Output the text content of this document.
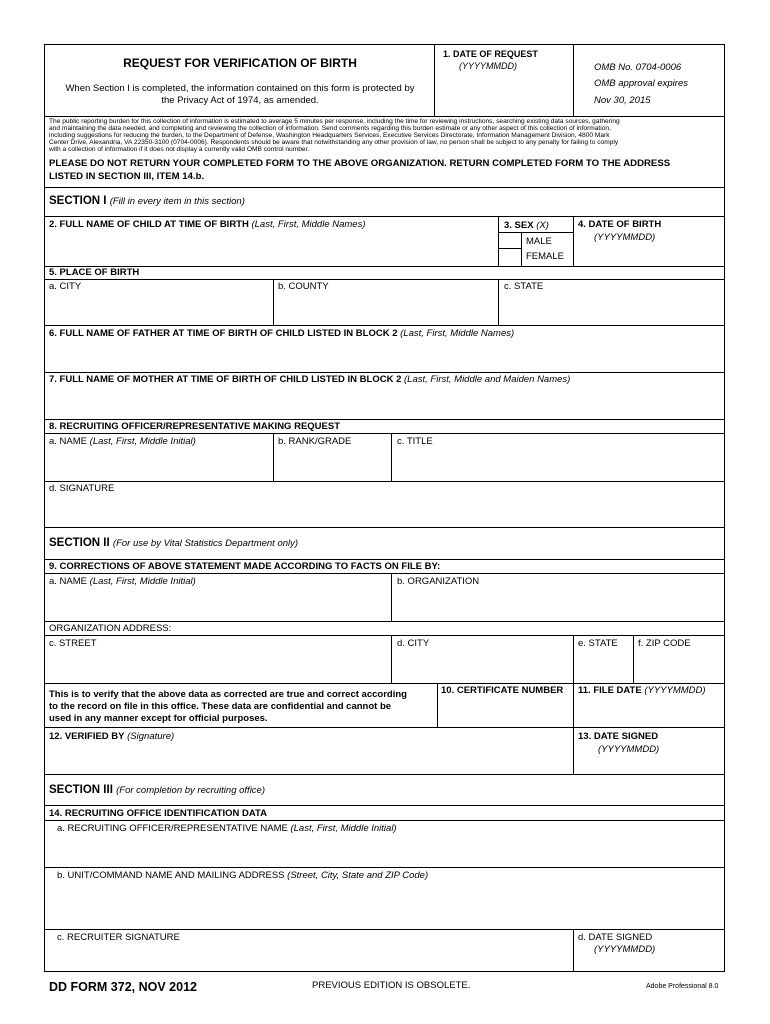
REQUEST FOR VERIFICATION OF BIRTH
When Section I is completed, the information contained on this form is protected by
the Privacy Act of 1974, as amended.
1. DATE OF REQUEST
(YYYYMMDD)	OMB No. 0704-0006
OMB approval expires
Nov 30, 2015
The public reporting burden for this collection of information is estimated to average 5 minutes per response, including the time for reviewing instructions, searching existing data sources, gathering
and maintaining the data needed, and completing and reviewing the collection of information. Send comments regarding this burden estimate or any other aspect of this collection of information,
including suggestions for reducing the burden, to the Department of Defense, Washington Headquarters Services, Executive Services Directorate, Information Management Division, 4800 Mark
Center Drive, Alexandria, VA 22350-3100 (0704-0006). Respondents should be aware that notwithstanding any other provision of law, no person shall be subject to any penalty for failing to comply
with a collection of information if it does not display a currently valid OMB control number.
PLEASE DO NOT RETURN YOUR COMPLETED FORM TO THE ABOVE ORGANIZATION. RETURN COMPLETED FORM TO THE ADDRESS
LISTED IN SECTION III, ITEM 14.b.
SECTION I (Fill in every item in this section)
2. FULL NAME OF CHILD AT TIME OF BIRTH (Last, First, Middle Names)	3. SEX (X)
MALE
FEMALE
4. DATE OF BIRTH
(YYYYMMDD)
5. PLACE OF BIRTH
a. CITY	b. COUNTY	c. STATE
6. FULL NAME OF FATHER AT TIME OF BIRTH OF CHILD LISTED IN BLOCK 2 (Last, First, Middle Names)
7. FULL NAME OF MOTHER AT TIME OF BIRTH OF CHILD LISTED IN BLOCK 2 (Last, First, Middle and Maiden Names)
8. RECRUITING OFFICER/REPRESENTATIVE MAKING REQUEST
a. NAME (Last, First, Middle Initial)	b. RANK/GRADE	c. TITLE
d. SIGNATURE
SECTION II (For use by Vital Statistics Department only)
9. CORRECTIONS OF ABOVE STATEMENT MADE ACCORDING TO FACTS ON FILE BY:
a. NAME (Last, First, Middle Initial)	b. ORGANIZATION
ORGANIZATION ADDRESS:
c. STREET	d. CITY	e. STATE f. ZIP CODE
This is to verify that the above data as corrected are true and correct according
to the record on file in this office. These data are confidential and cannot be
used in any manner except for official purposes.
10. CERTIFICATE NUMBER 11. FILE DATE (YYYYMMDD)
12. VERIFIED BY (Signature)	13. DATE SIGNED
(YYYYMMDD)
SECTION III (For completion by recruiting office)
14. RECRUITING OFFICE IDENTIFICATION DATA
a. RECRUITING OFFICER/REPRESENTATIVE NAME (Last, First, Middle Initial)
b. UNIT/COMMAND NAME AND MAILING ADDRESS (Street, City, State and ZIP Code)
c. RECRUITER SIGNATURE	d. DATE SIGNED
(YYYYMMDD)
DD FORM 372, NOV 2012	PREVIOUS EDITION IS OBSOLETE.	Adobe Professional 8.0
